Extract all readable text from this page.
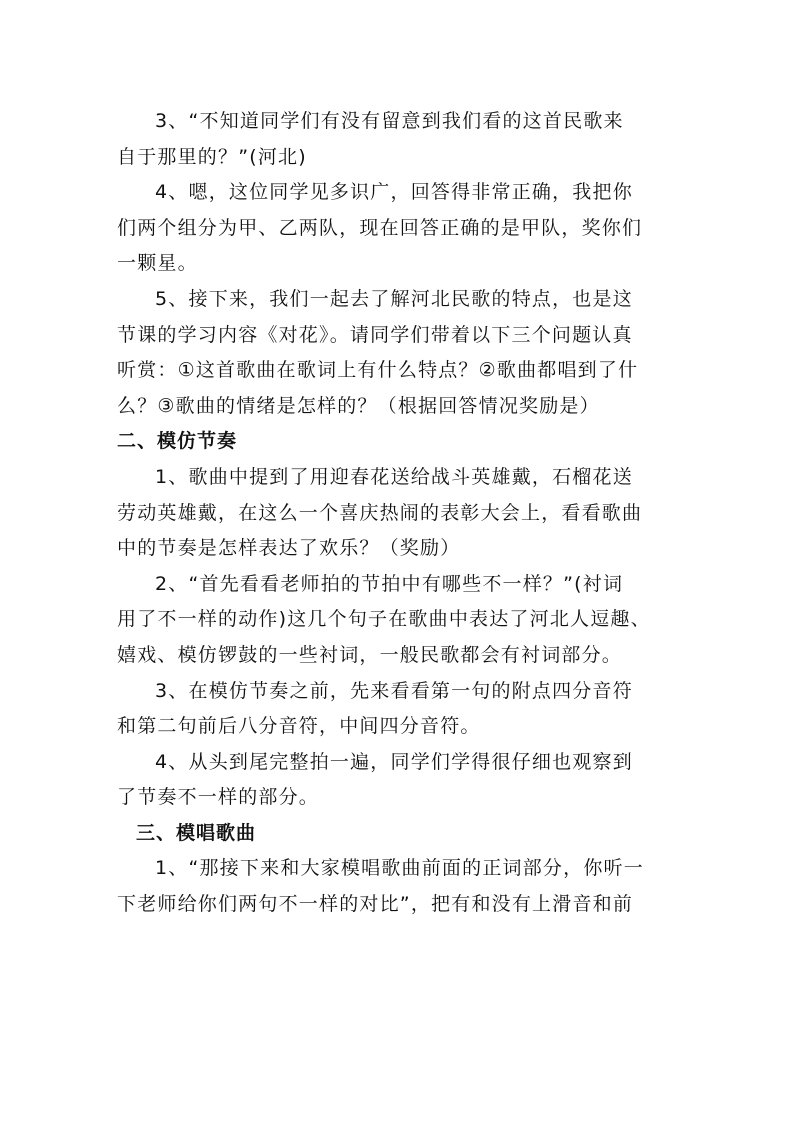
3、“不知道同学们有没有留意到我们看的这首民歌来
自于那里的？”(河北)

4、嗯，这位同学见多识广，回答得非常正确，我把你
们两个组分为甲、乙两队，现在回答正确的是甲队，奖你们
一颗星。

5、接下来，我们一起去了解河北民歌的特点，也是这
节课的学习内容《对花》。请同学们带着以下三个问题认真
听赏：①这首歌曲在歌词上有什么特点？②歌曲都唱到了什
么？③歌曲的情绪是怎样的？（根据回答情况奖励是）

二、模仿节奏

1、歌曲中提到了用迎春花送给战斗英雄戴，石榴花送
劳动英雄戴，在这么一个喜庆热闹的表彰大会上，看看歌曲
中的节奏是怎样表达了欢乐？（奖励）

2、“首先看看老师拍的节拍中有哪些不一样？”(衬词
用了不一样的动作)这几个句子在歌曲中表达了河北人逗趣、
嬉戏、模仿锣鼓的一些衬词，一般民歌都会有衬词部分。

3、在模仿节奏之前，先来看看第一句的附点四分音符
和第二句前后八分音符，中间四分音符。

4、从头到尾完整拍一遍，同学们学得很仔细也观察到
了节奏不一样的部分。

三、模唱歌曲

1、“那接下来和大家模唱歌曲前面的正词部分，你听一
下老师给你们两句不一样的对比”，把有和没有上滑音和前
